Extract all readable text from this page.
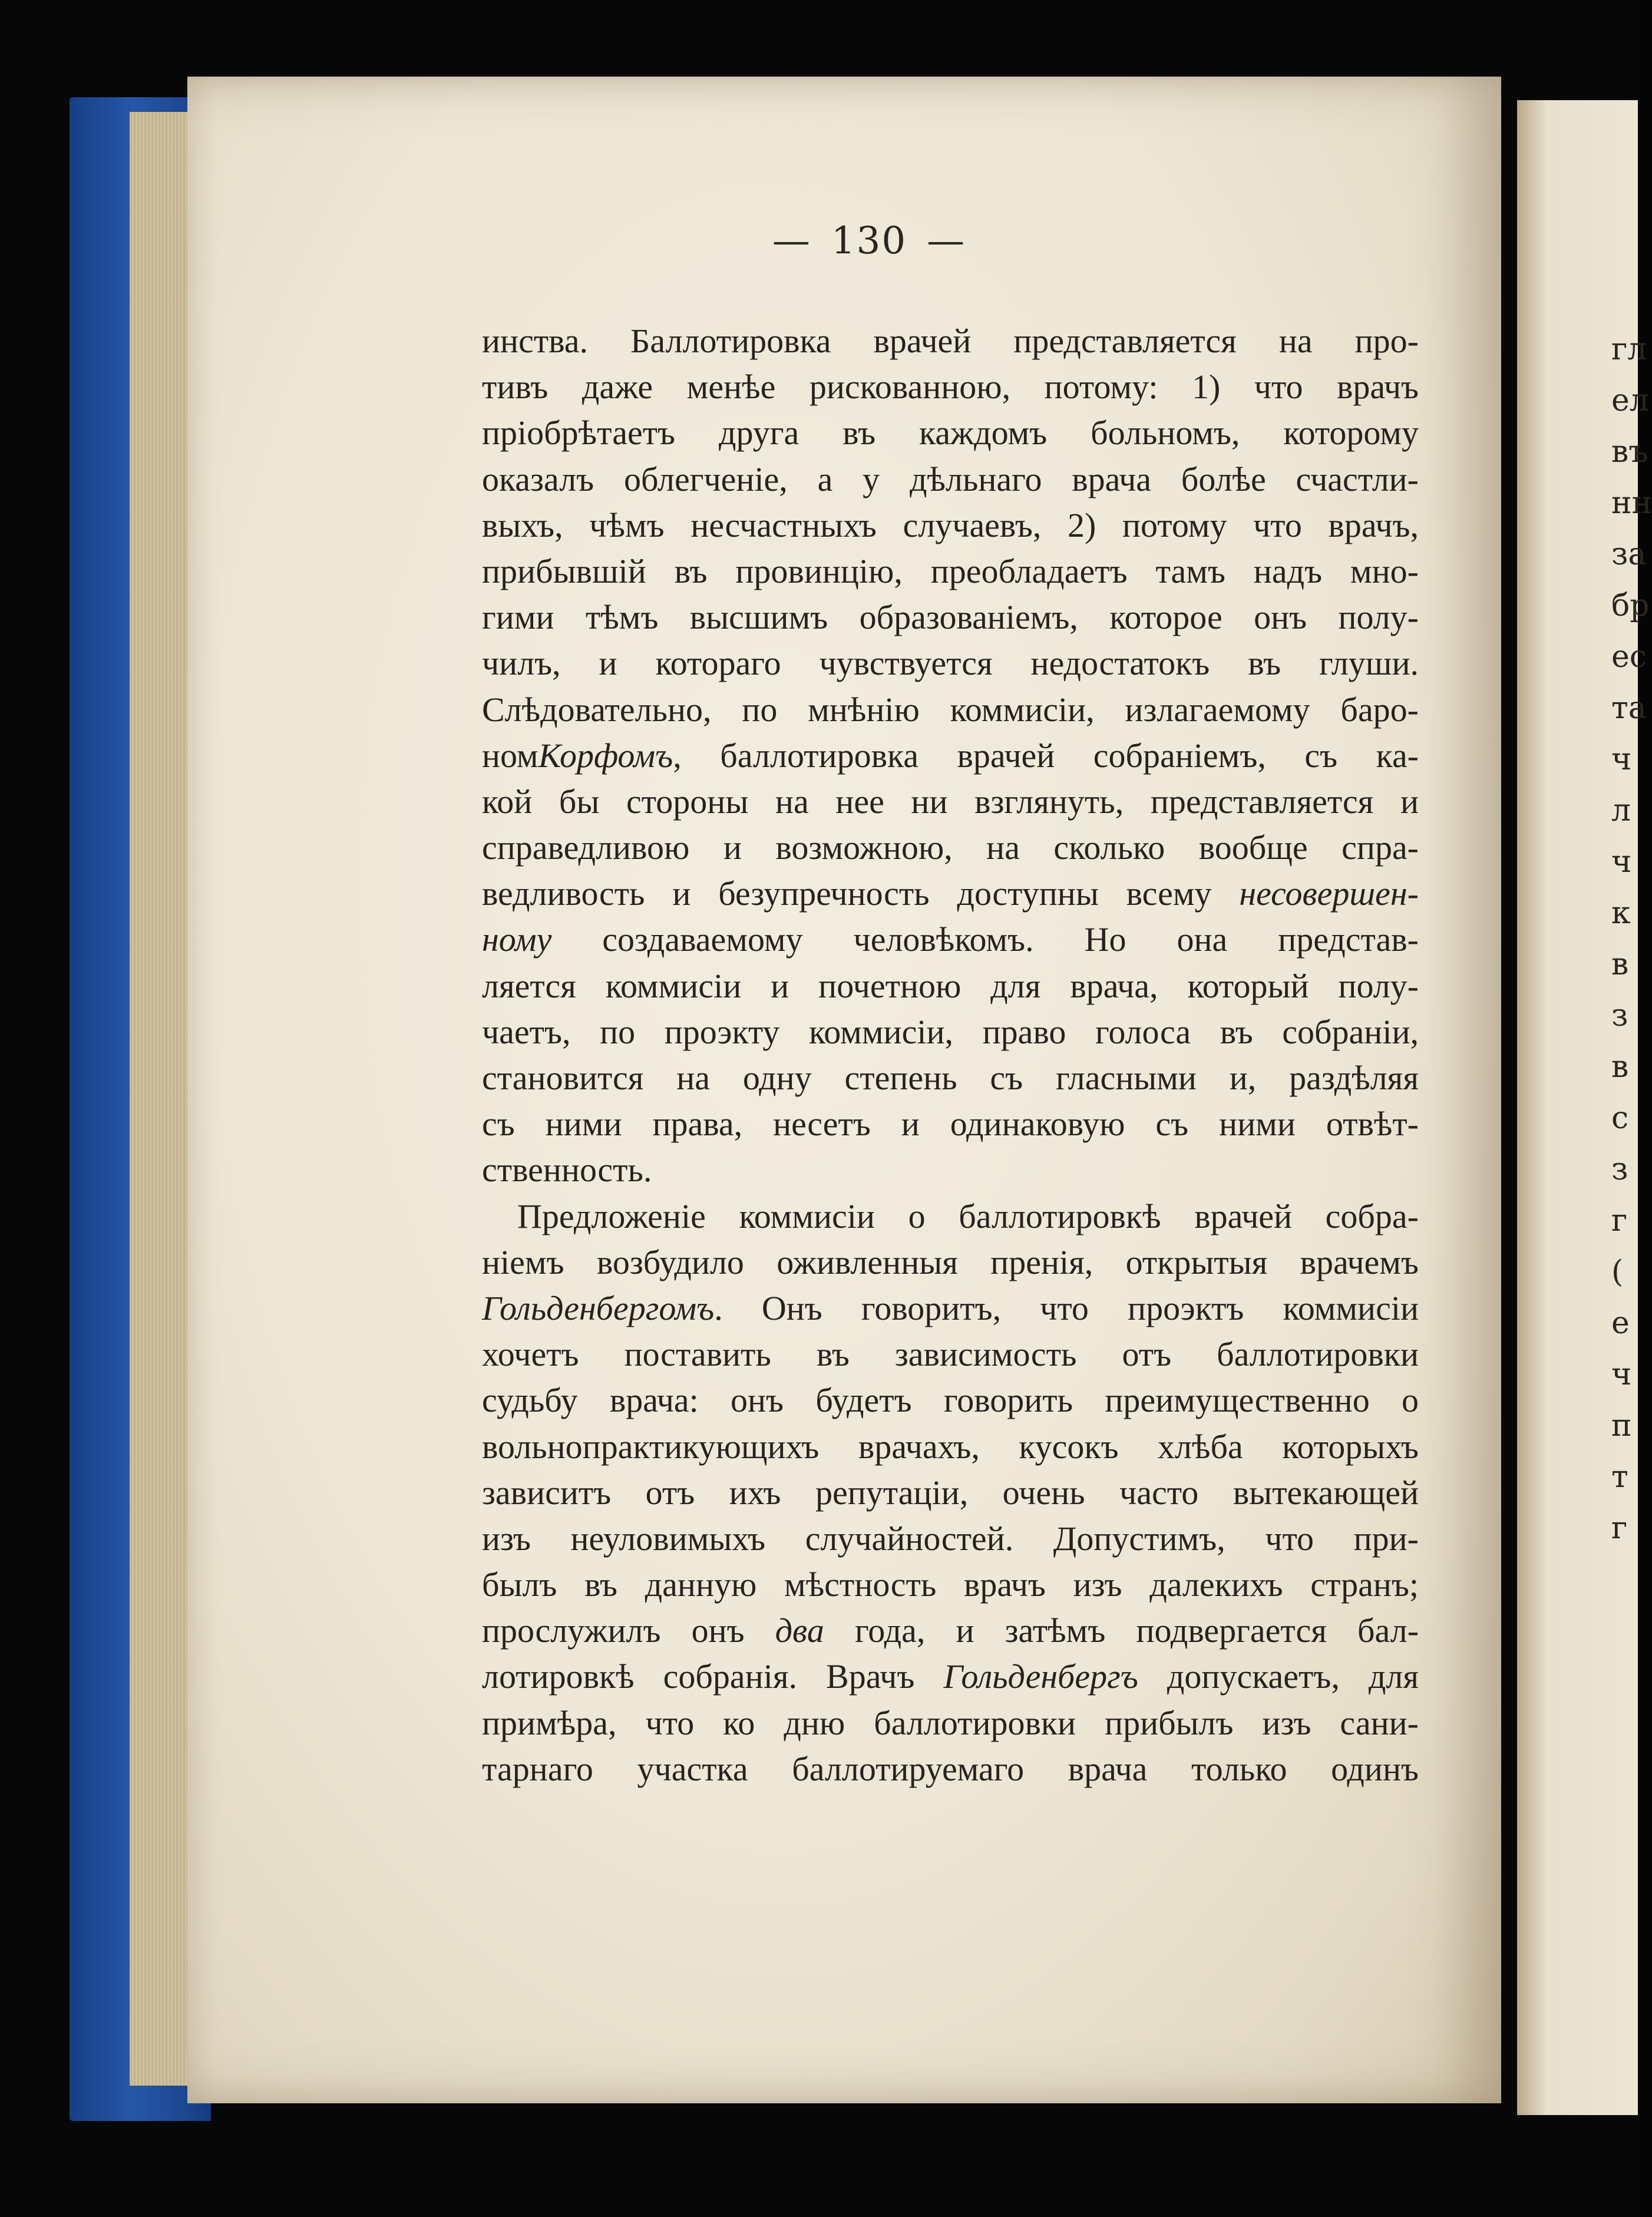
гл
ел
въ
нн
за
бр
ес
та
ч
л
ч
к
в
з
в
с
з
г
(
е
ч
п
т
г
— 130 —
инства. Баллотировка врачей представляется на про-
тивъ даже менѣе рискованною, потому: 1) что врачъ
пріобрѣтаетъ друга въ каждомъ больномъ, которому
оказалъ облегченіе, а у дѣльнаго врача болѣе счастли-
выхъ, чѣмъ несчастныхъ случаевъ, 2) потому что врачъ,
прибывшій въ провинцію, преобладаетъ тамъ надъ мно-
гими тѣмъ высшимъ образованіемъ, которое онъ полу-
чилъ, и котораго чувствуется недостатокъ въ глуши.
Слѣдовательно, по мнѣнію коммисіи, излагаемому баро-
номКорфомъ, баллотировка врачей собраніемъ, съ ка-
кой бы стороны на нее ни взглянуть, представляется и
справедливою и возможною, на сколько вообще спра-
ведливость и безупречность доступны всему несовершен-
ному создаваемому человѣкомъ. Но она представ-
ляется коммисіи и почетною для врача, который полу-
чаетъ, по проэкту коммисіи, право голоса въ собраніи,
становится на одну степень съ гласными и, раздѣляя
съ ними права, несетъ и одинаковую съ ними отвѣт-
ственность.
Предложеніе коммисіи о баллотировкѣ врачей собра-
ніемъ возбудило оживленныя пренія, открытыя врачемъ
Гольденбергомъ. Онъ говоритъ, что проэктъ коммисіи
хочетъ поставить въ зависимость отъ баллотировки
судьбу врача: онъ будетъ говорить преимущественно о
вольнопрактикующихъ врачахъ, кусокъ хлѣба которыхъ
зависитъ отъ ихъ репутаціи, очень часто вытекающей
изъ неуловимыхъ случайностей. Допустимъ, что при-
былъ въ данную мѣстность врачъ изъ далекихъ странъ;
прослужилъ онъ два года, и затѣмъ подвергается бал-
лотировкѣ собранія. Врачъ Гольденбергъ допускаетъ, для
примѣра, что ко дню баллотировки прибылъ изъ сани-
тарнаго участка баллотируемаго врача только одинъ
